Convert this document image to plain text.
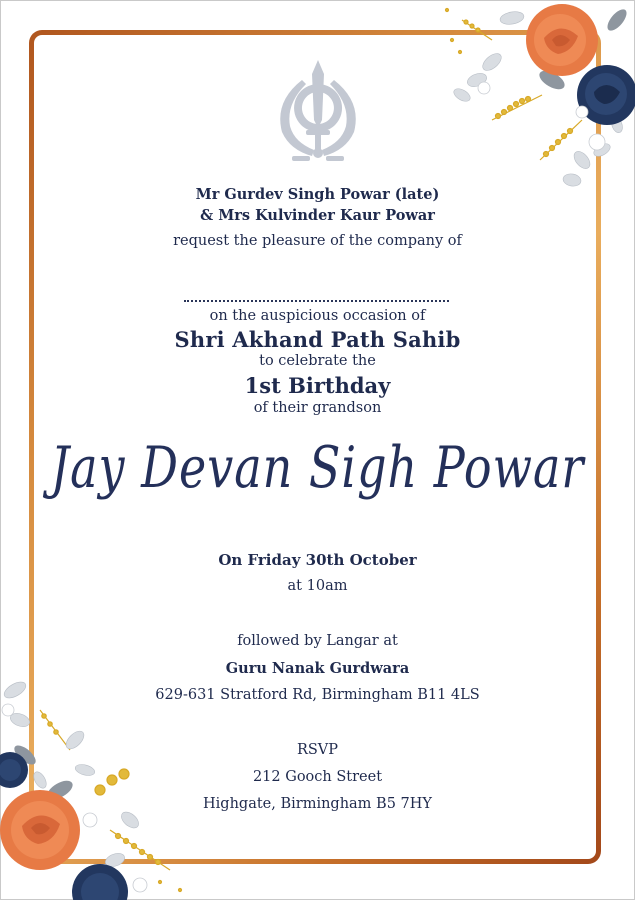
Mr Gurdev Singh Powar (late)
& Mrs Kulvinder Kaur Powar
request the pleasure of the company of
on the auspicious occasion of
Shri Akhand Path Sahib
to celebrate the
1st Birthday
of their grandson
Jay Devan Sigh Powar
On Friday 30th October
at 10am
followed by Langar at
Guru Nanak Gurdwara
629-631 Stratford Rd, Birmingham B11 4LS
RSVP
212 Gooch Street
Highgate, Birmingham B5 7HY
